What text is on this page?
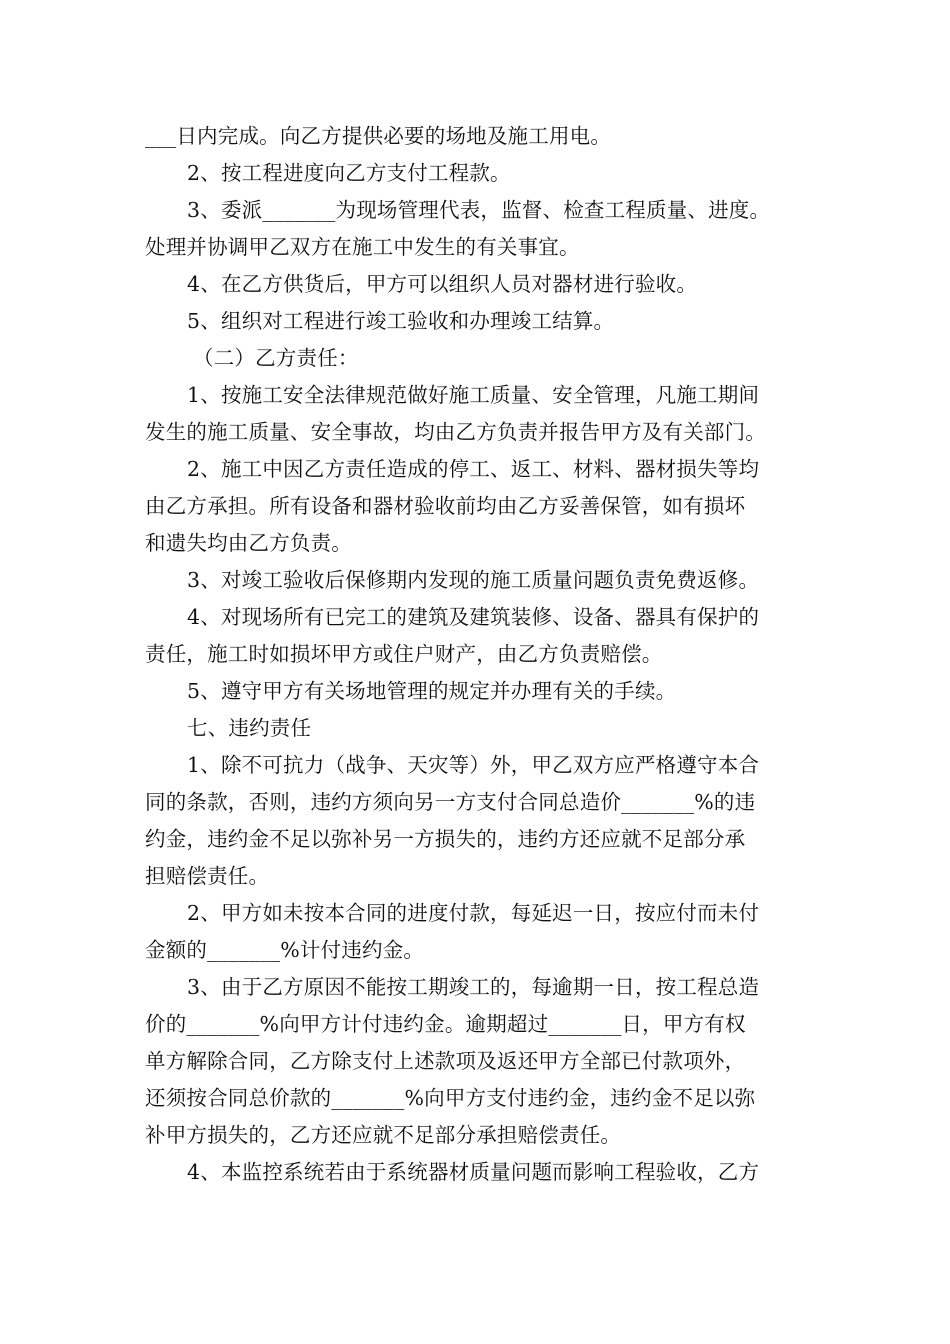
___日内完成。向乙方提供必要的场地及施工用电。
2、按工程进度向乙方支付工程款。
3、委派_______为现场管理代表，监督、检查工程质量、进度。
处理并协调甲乙双方在施工中发生的有关事宜。
4、在乙方供货后，甲方可以组织人员对器材进行验收。
5、组织对工程进行竣工验收和办理竣工结算。
（二）乙方责任：
1、按施工安全法律规范做好施工质量、安全管理，凡施工期间
发生的施工质量、安全事故，均由乙方负责并报告甲方及有关部门。
2、施工中因乙方责任造成的停工、返工、材料、器材损失等均
由乙方承担。所有设备和器材验收前均由乙方妥善保管，如有损坏
和遗失均由乙方负责。
3、对竣工验收后保修期内发现的施工质量问题负责免费返修。
4、对现场所有已完工的建筑及建筑装修、设备、器具有保护的
责任，施工时如损坏甲方或住户财产，由乙方负责赔偿。
5、遵守甲方有关场地管理的规定并办理有关的手续。
七、违约责任
1、除不可抗力（战争、天灾等）外，甲乙双方应严格遵守本合
同的条款，否则，违约方须向另一方支付合同总造价_______%的违
约金，违约金不足以弥补另一方损失的，违约方还应就不足部分承
担赔偿责任。
2、甲方如未按本合同的进度付款，每延迟一日，按应付而未付
金额的_______%计付违约金。
3、由于乙方原因不能按工期竣工的，每逾期一日，按工程总造
价的_______%向甲方计付违约金。逾期超过_______日，甲方有权
单方解除合同，乙方除支付上述款项及返还甲方全部已付款项外，
还须按合同总价款的_______%向甲方支付违约金，违约金不足以弥
补甲方损失的，乙方还应就不足部分承担赔偿责任。
4、本监控系统若由于系统器材质量问题而影响工程验收，乙方
